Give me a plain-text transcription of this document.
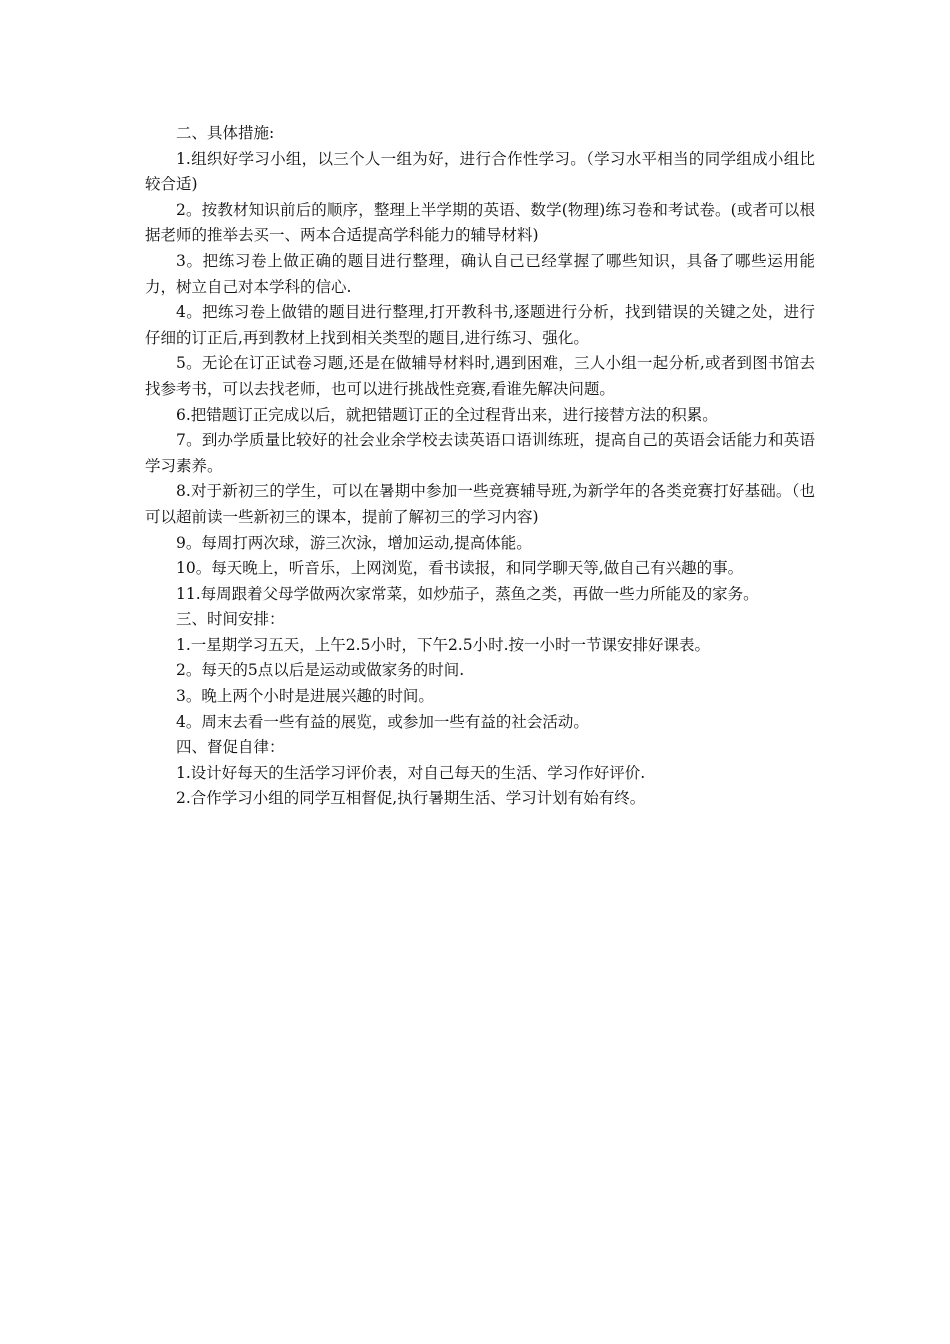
二、具体措施:

1.组织好学习小组，以三个人一组为好，进行合作性学习。（学习水平相当的同学组成小组比较合适)

2。按教材知识前后的顺序，整理上半学期的英语、数学(物理)练习卷和考试卷。(或者可以根据老师的推举去买一、两本合适提高学科能力的辅导材料)

3。把练习卷上做正确的题目进行整理，确认自己已经掌握了哪些知识，具备了哪些运用能力，树立自己对本学科的信心.

4。把练习卷上做错的题目进行整理,打开教科书,逐题进行分析，找到错误的关键之处，进行仔细的订正后,再到教材上找到相关类型的题目,进行练习、强化。

5。无论在订正试卷习题,还是在做辅导材料时,遇到困难，三人小组一起分析,或者到图书馆去找参考书，可以去找老师，也可以进行挑战性竞赛,看谁先解决问题。

6.把错题订正完成以后，就把错题订正的全过程背出来，进行接替方法的积累。

7。到办学质量比较好的社会业余学校去读英语口语训练班，提高自己的英语会话能力和英语学习素养。

8.对于新初三的学生，可以在暑期中参加一些竞赛辅导班,为新学年的各类竞赛打好基础。（也可以超前读一些新初三的课本，提前了解初三的学习内容)

9。每周打两次球，游三次泳，增加运动,提高体能。

10。每天晚上，听音乐，上网浏览，看书读报，和同学聊天等,做自己有兴趣的事。

11.每周跟着父母学做两次家常菜，如炒茄子，蒸鱼之类，再做一些力所能及的家务。

三、时间安排：

1.一星期学习五天，上午2.5小时，下午2.5小时.按一小时一节课安排好课表。

2。每天的5点以后是运动或做家务的时间.

3。晚上两个小时是进展兴趣的时间。

4。周末去看一些有益的展览，或参加一些有益的社会活动。

四、督促自律：

1.设计好每天的生活学习评价表，对自己每天的生活、学习作好评价.

2.合作学习小组的同学互相督促,执行暑期生活、学习计划有始有终。
